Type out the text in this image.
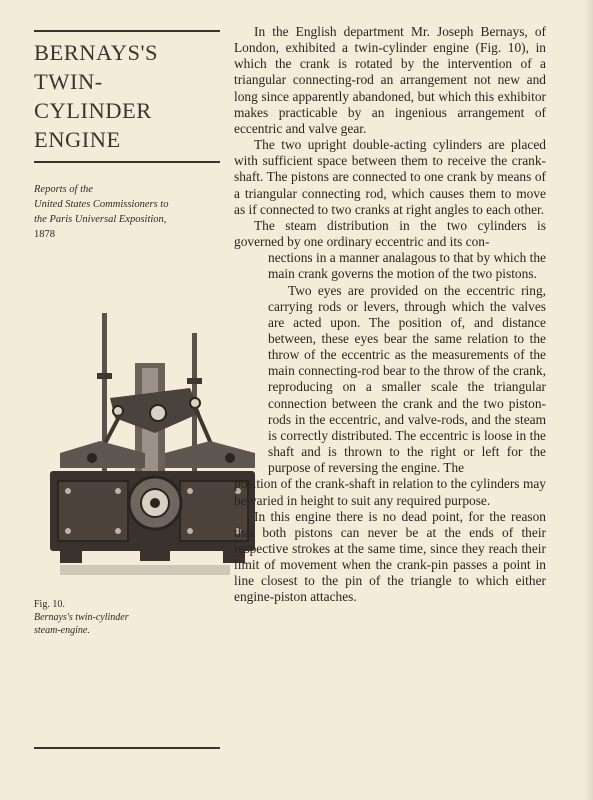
BERNAYS'S
TWIN-
CYLINDER
ENGINE
Reports of the
United States Commissioners to
the Paris Universal Exposition,
1878
Fig. 10.
Bernays's twin-cylinder
steam-engine.

In the English department Mr. Joseph Bernays, of London, exhibited a twin-cylinder engine (Fig. 10), in which the crank is rotated by the intervention of a triangular connecting-rod an arrangement not new and long since apparently abandoned, but which this exhibitor makes practicable by an ingenious arrangement of eccentric and valve gear.

The two upright double-acting cylinders are placed with sufficient space between them to receive the crank-shaft. The pistons are connected to one crank by means of a triangular connecting rod, which causes them to move as if connected to two cranks at right angles to each other.

The steam distribution in the two cylinders is governed by one ordinary eccentric and its con-

nections in a manner analagous to that by which the main crank governs the motion of the two pistons.

Two eyes are provided on the eccentric ring, carrying rods or levers, through which the valves are acted upon. The position of, and distance between, these eyes bear the same relation to the throw of the eccentric as the measurements of the main connecting-rod bear to the throw of the crank, reproducing on a smaller scale the triangular connection between the crank and the two piston-rods in the eccentric, and valve-rods, and the steam is correctly distributed. The eccentric is loose in the shaft and is thrown to the right or left for the purpose of reversing the engine. The

position of the crank-shaft in relation to the cylinders may be varied in height to suit any required purpose.

In this engine there is no dead point, for the reason that both pistons can never be at the ends of their respective strokes at the same time, since they reach their limit of movement when the crank-pin passes a point in line closest to the pin of the triangle to which either engine-piston attaches.
